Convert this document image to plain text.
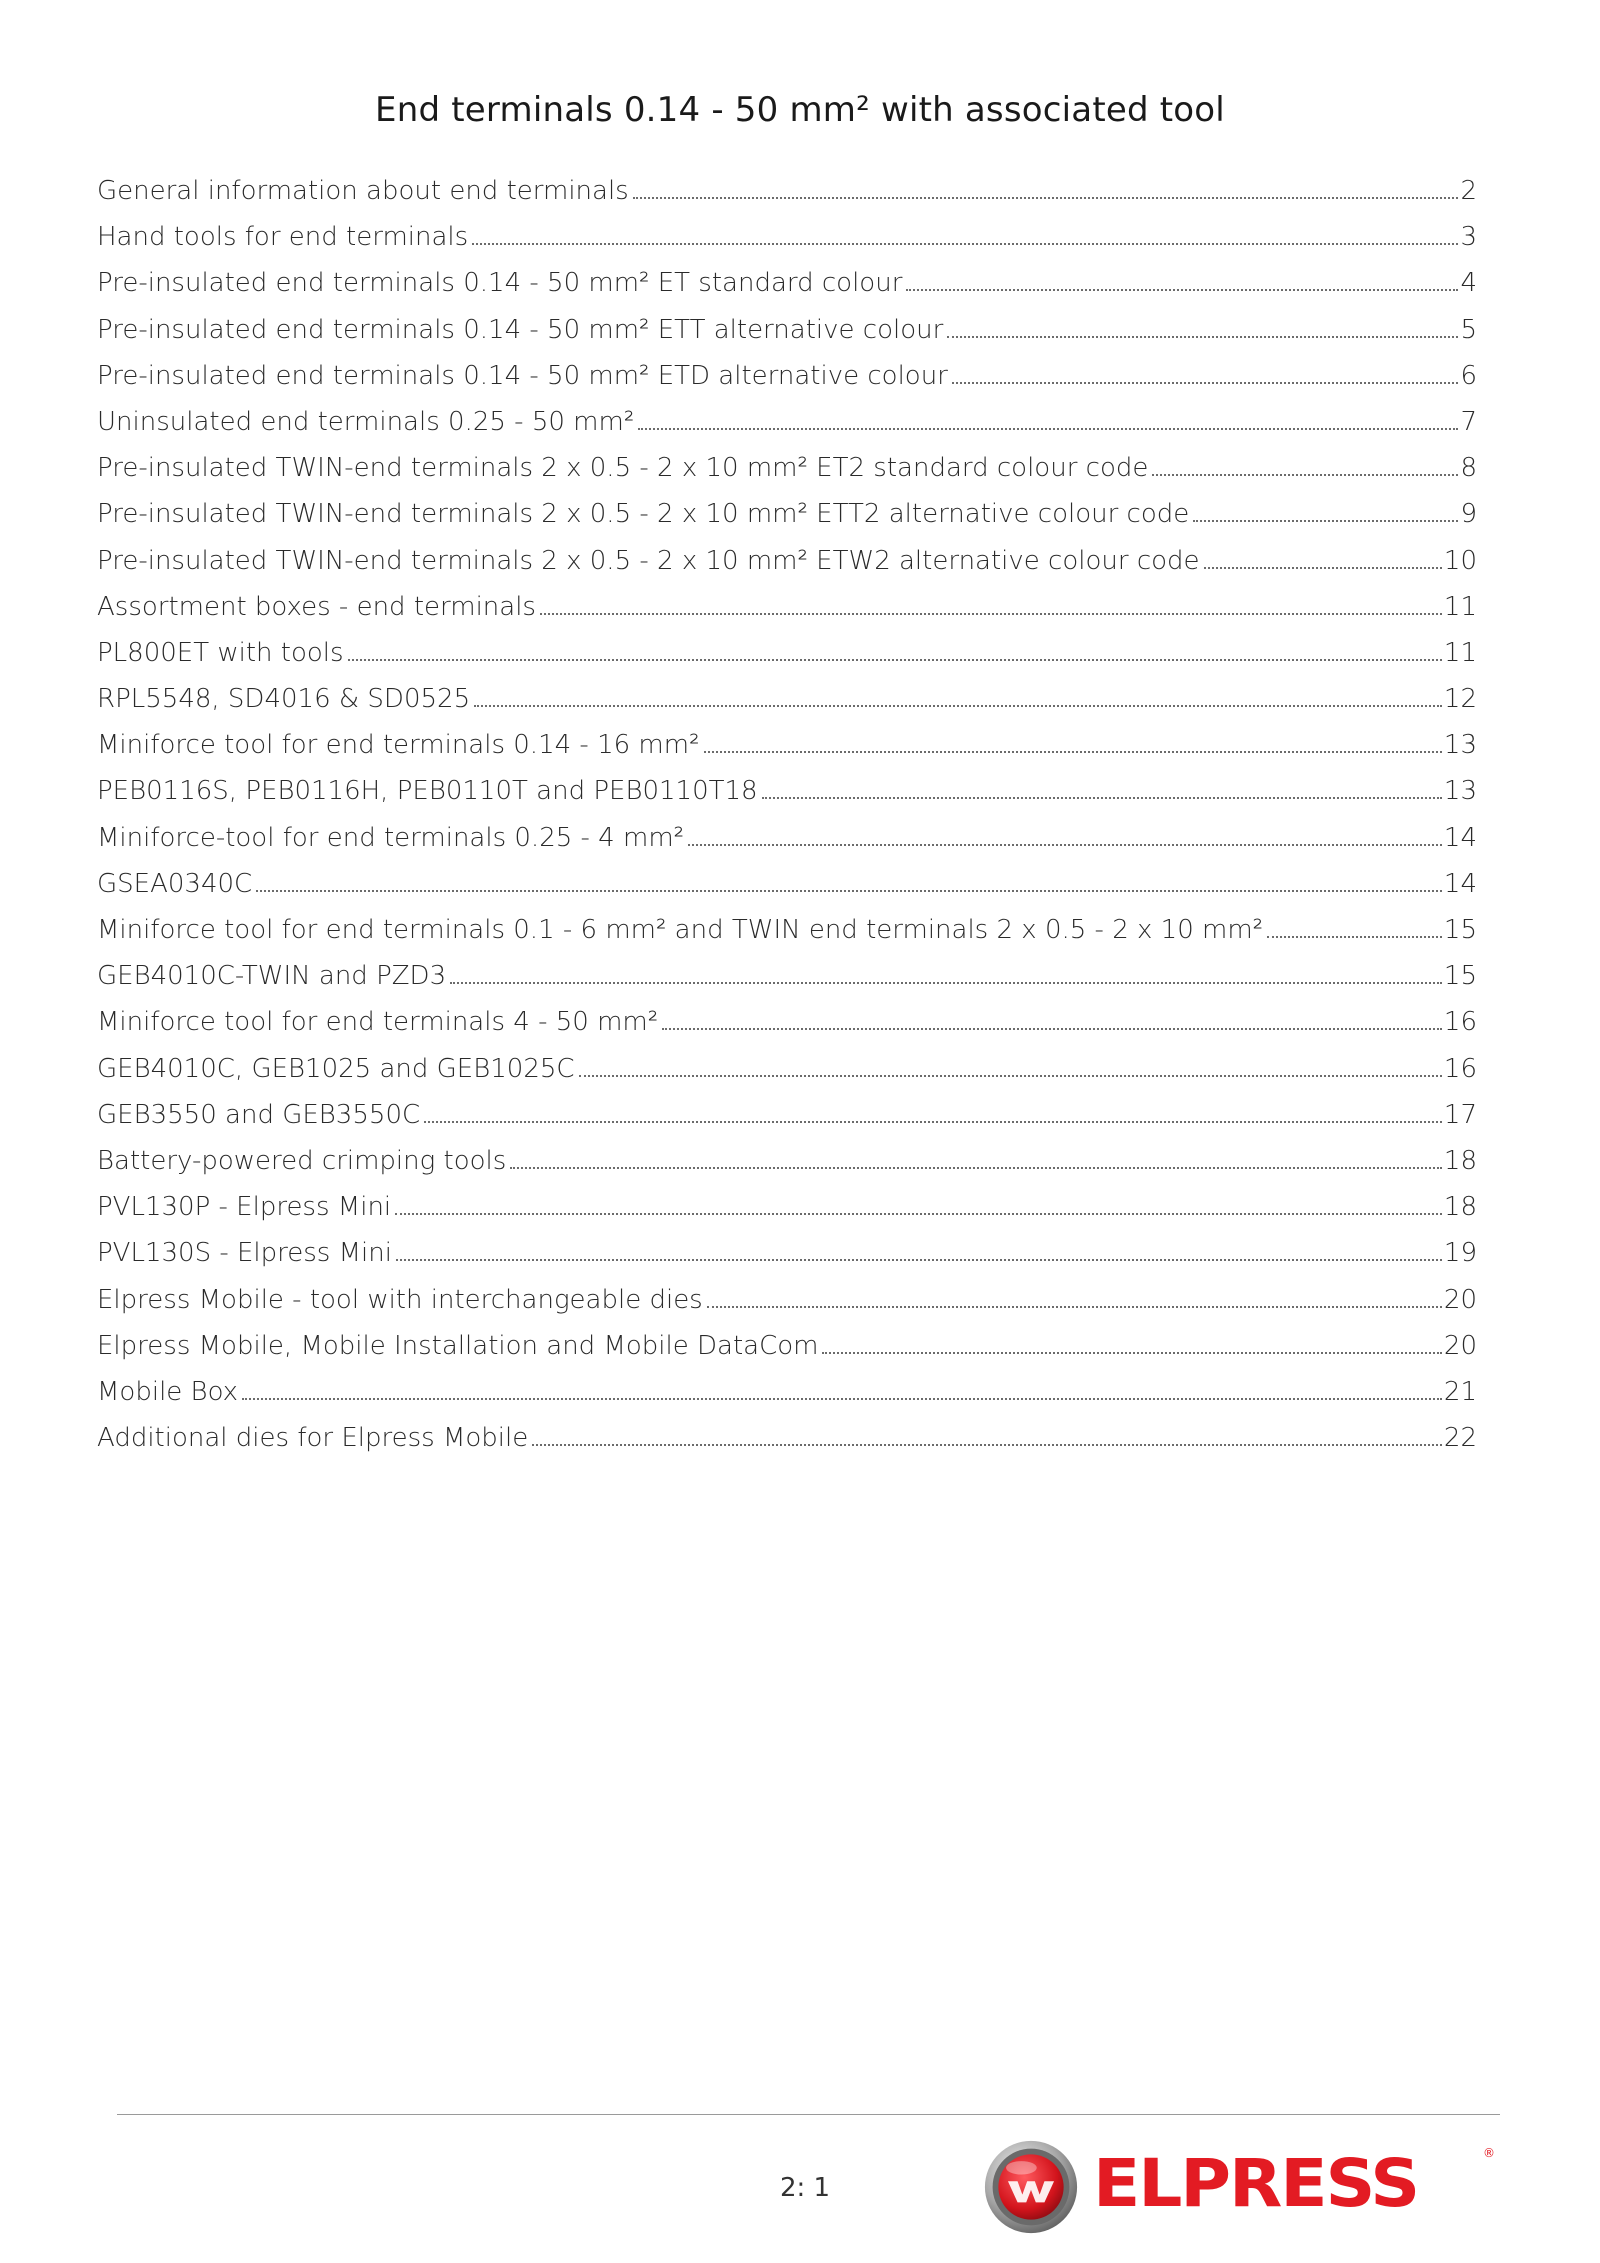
End terminals 0.14 - 50 mm² with associated tool
General information about end terminals	2
Hand tools for end terminals	3
Pre-insulated end terminals 0.14 - 50 mm² ET standard colour	4
Pre-insulated end terminals 0.14 - 50 mm² ETT alternative colour	5
Pre-insulated end terminals 0.14 - 50 mm² ETD alternative colour	6
Uninsulated end terminals 0.25 - 50 mm²	7
Pre-insulated TWIN-end terminals 2 x 0.5 - 2 x 10 mm² ET2 standard colour code	8
Pre-insulated TWIN-end terminals 2 x 0.5 - 2 x 10 mm² ETT2 alternative colour code	9
Pre-insulated TWIN-end terminals 2 x 0.5 - 2 x 10 mm² ETW2 alternative colour code	10
Assortment boxes - end terminals	11
PL800ET with tools	11
RPL5548, SD4016 & SD0525	12
Miniforce tool for end terminals 0.14 - 16 mm²	13
PEB0116S, PEB0116H, PEB0110T and PEB0110T18	13
Miniforce-tool for end terminals 0.25 - 4 mm²	14
GSEA0340C	14
Miniforce tool for end terminals 0.1 - 6 mm² and TWIN end terminals 2 x 0.5 - 2 x 10 mm²	15
GEB4010C-TWIN and PZD3	15
Miniforce tool for end terminals 4 - 50 mm²	16
GEB4010C, GEB1025 and GEB1025C	16
GEB3550 and GEB3550C	17
Battery-powered crimping tools	18
PVL130P - Elpress Mini	18
PVL130S - Elpress Mini	19
Elpress Mobile - tool with interchangeable dies	20
Elpress Mobile, Mobile Installation and Mobile DataCom	20
Mobile Box	21
Additional dies for Elpress Mobile	22
2: 1	ELPRESS	®
